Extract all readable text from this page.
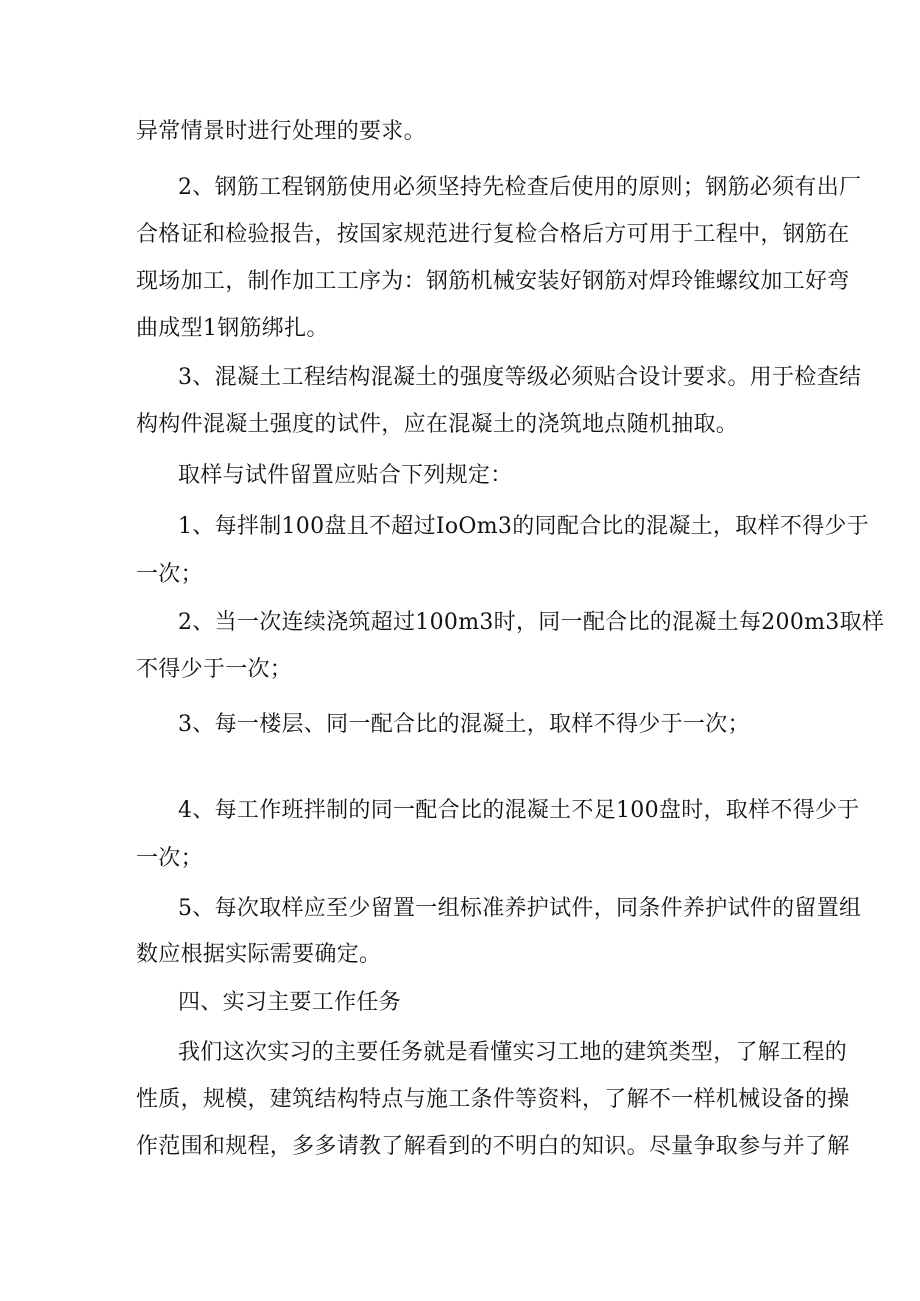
异常情景时进行处理的要求。
2、钢筋工程钢筋使用必须坚持先检查后使用的原则；钢筋必须有出厂
合格证和检验报告，按国家规范进行复检合格后方可用于工程中，钢筋在
现场加工，制作加工工序为：钢筋机械安装好钢筋对焊玲锥螺纹加工好弯
曲成型1钢筋绑扎。
3、混凝土工程结构混凝土的强度等级必须贴合设计要求。用于检查结
构构件混凝土强度的试件，应在混凝土的浇筑地点随机抽取。
取样与试件留置应贴合下列规定：
1、每拌制100盘且不超过IoOm3的同配合比的混凝土，取样不得少于
一次；
2、当一次连续浇筑超过100m3时，同一配合比的混凝土每200m3取样
不得少于一次；
3、每一楼层、同一配合比的混凝土，取样不得少于一次；
4、每工作班拌制的同一配合比的混凝土不足100盘时，取样不得少于
一次；
5、每次取样应至少留置一组标准养护试件，同条件养护试件的留置组
数应根据实际需要确定。
四、实习主要工作任务
我们这次实习的主要任务就是看懂实习工地的建筑类型，了解工程的
性质，规模，建筑结构特点与施工条件等资料，了解不一样机械设备的操
作范围和规程，多多请教了解看到的不明白的知识。尽量争取参与并了解
